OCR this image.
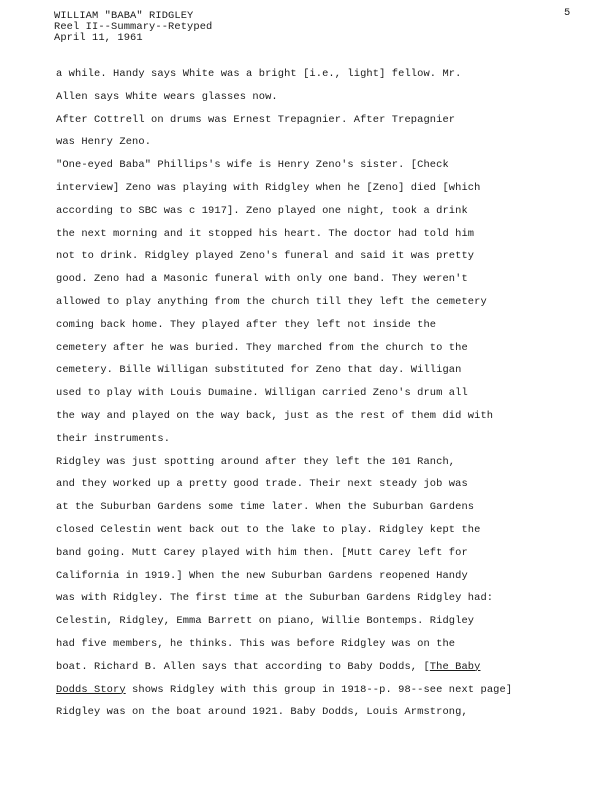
WILLIAM "BABA" RIDGLEY
Reel II--Summary--Retyped
April 11, 1961
5
a while. Handy says White was a bright [i.e., light] fellow. Mr.
Allen says White wears glasses now.
After Cottrell on drums was Ernest Trepagnier. After Trepagnier
was Henry Zeno.
"One-eyed Baba" Phillips's wife is Henry Zeno's sister. [Check
interview] Zeno was playing with Ridgley when he [Zeno] died [which
according to SBC was c 1917]. Zeno played one night, took a drink
the next morning and it stopped his heart. The doctor had told him
not to drink. Ridgley played Zeno's funeral and said it was pretty
good. Zeno had a Masonic funeral with only one band. They weren't
allowed to play anything from the church till they left the cemetery
coming back home. They played after they left not inside the
cemetery after he was buried. They marched from the church to the
cemetery. Bille Willigan substituted for Zeno that day. Willigan
used to play with Louis Dumaine. Willigan carried Zeno's drum all
the way and played on the way back, just as the rest of them did with
their instruments.
Ridgley was just spotting around after they left the 101 Ranch,
and they worked up a pretty good trade. Their next steady job was
at the Suburban Gardens some time later. When the Suburban Gardens
closed Celestin went back out to the lake to play. Ridgley kept the
band going. Mutt Carey played with him then. [Mutt Carey left for
California in 1919.] When the new Suburban Gardens reopened Handy
was with Ridgley. The first time at the Suburban Gardens Ridgley had:
Celestin, Ridgley, Emma Barrett on piano, Willie Bontemps. Ridgley
had five members, he thinks. This was before Ridgley was on the
boat. Richard B. Allen says that according to Baby Dodds, [The Baby
Dodds Story shows Ridgley with this group in 1918--p. 98--see next page]
Ridgley was on the boat around 1921. Baby Dodds, Louis Armstrong,
